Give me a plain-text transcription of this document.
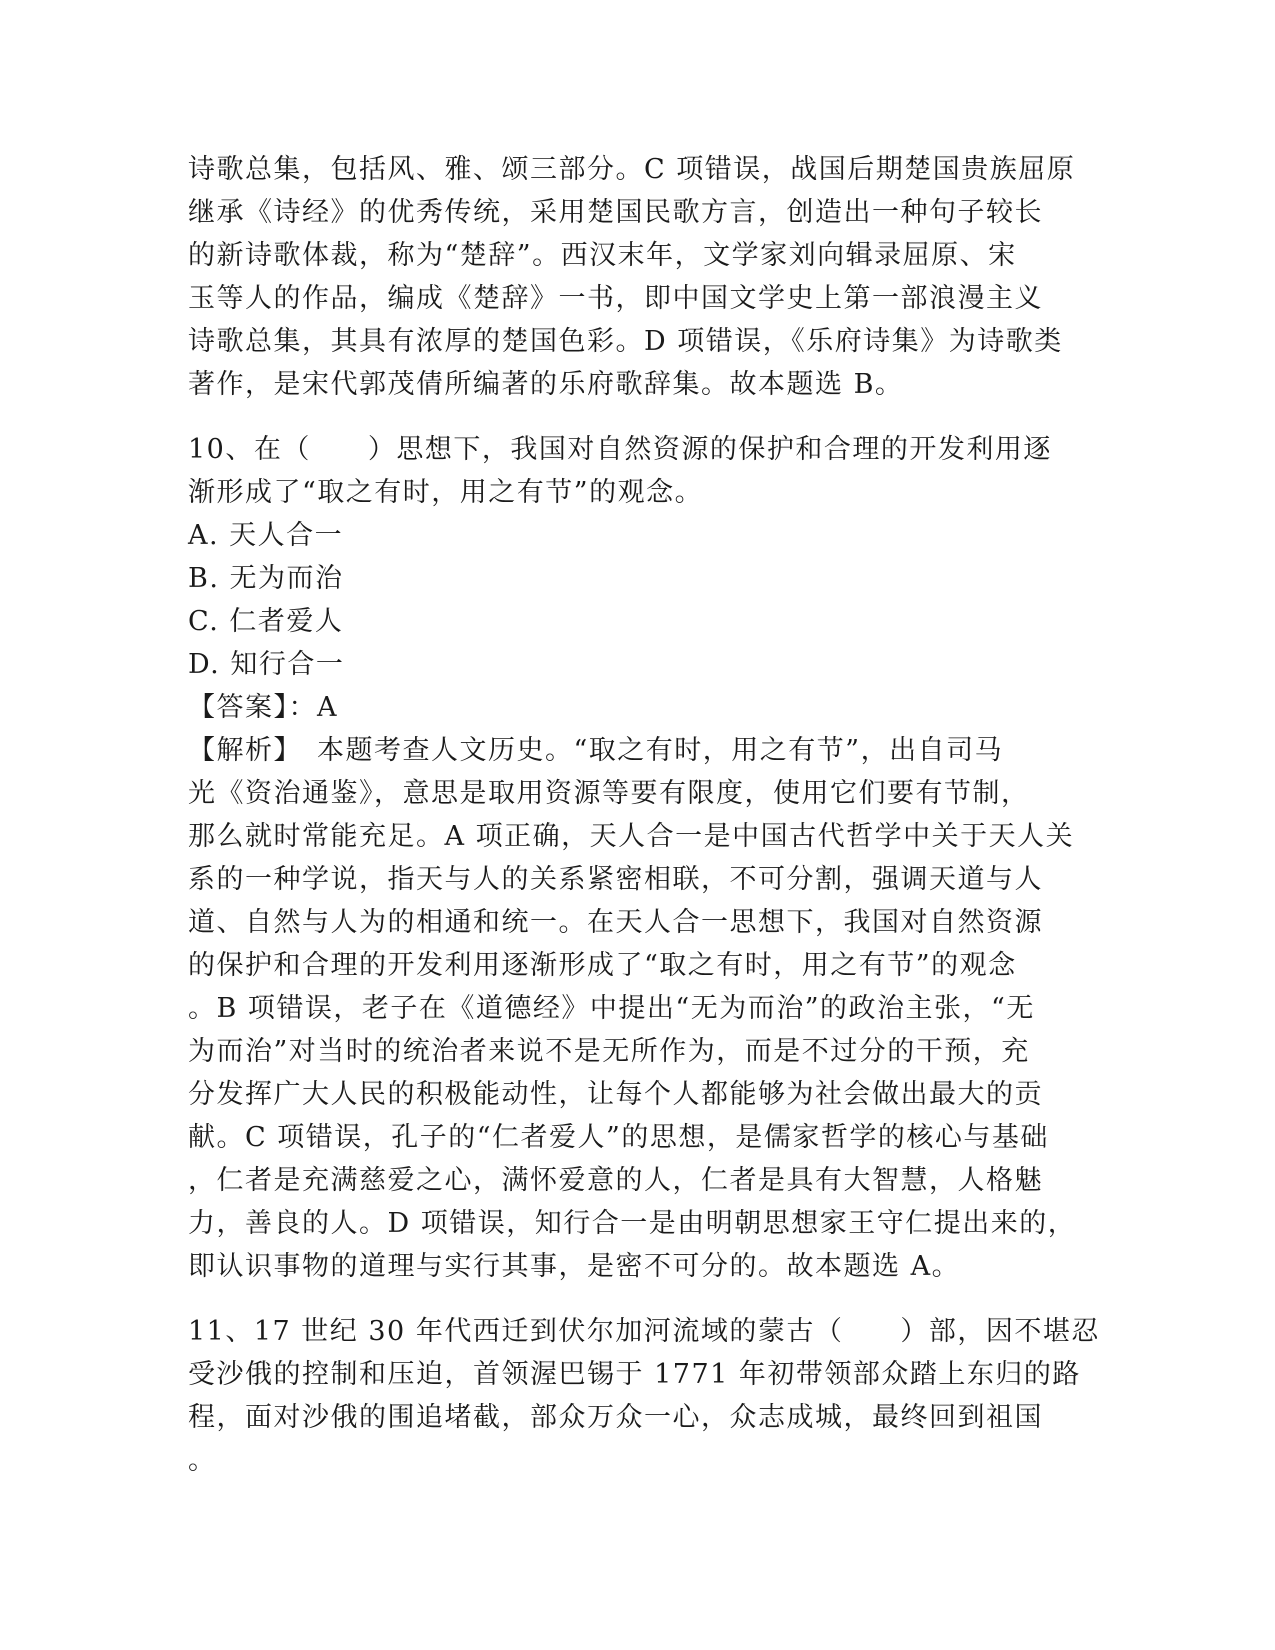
诗歌总集，包括风、雅、颂三部分。C 项错误，战国后期楚国贵族屈原
继承《诗经》的优秀传统，采用楚国民歌方言，创造出一种句子较长
的新诗歌体裁，称为“楚辞”。西汉末年，文学家刘向辑录屈原、宋
玉等人的作品，编成《楚辞》一书，即中国文学史上第一部浪漫主义
诗歌总集，其具有浓厚的楚国色彩。D 项错误，《乐府诗集》为诗歌类
著作，是宋代郭茂倩所编著的乐府歌辞集。故本题选 B。
10、在（　　）思想下，我国对自然资源的保护和合理的开发利用逐
渐形成了“取之有时，用之有节”的观念。
A. 天人合一
B. 无为而治
C. 仁者爱人
D. 知行合一
【答案】：A
【解析】　本题考查人文历史。“取之有时，用之有节”，出自司马
光《资治通鉴》，意思是取用资源等要有限度，使用它们要有节制，
那么就时常能充足。A 项正确，天人合一是中国古代哲学中关于天人关
系的一种学说，指天与人的关系紧密相联，不可分割，强调天道与人
道、自然与人为的相通和统一。在天人合一思想下，我国对自然资源
的保护和合理的开发利用逐渐形成了“取之有时，用之有节”的观念
。B 项错误，老子在《道德经》中提出“无为而治”的政治主张，“无
为而治”对当时的统治者来说不是无所作为，而是不过分的干预，充
分发挥广大人民的积极能动性，让每个人都能够为社会做出最大的贡
献。C 项错误，孔子的“仁者爱人”的思想，是儒家哲学的核心与基础
，仁者是充满慈爱之心，满怀爱意的人，仁者是具有大智慧，人格魅
力，善良的人。D 项错误，知行合一是由明朝思想家王守仁提出来的，
即认识事物的道理与实行其事，是密不可分的。故本题选 A。
11、17 世纪 30 年代西迁到伏尔加河流域的蒙古（　　）部，因不堪忍
受沙俄的控制和压迫，首领渥巴锡于 1771 年初带领部众踏上东归的路
程，面对沙俄的围追堵截，部众万众一心，众志成城，最终回到祖国
。
